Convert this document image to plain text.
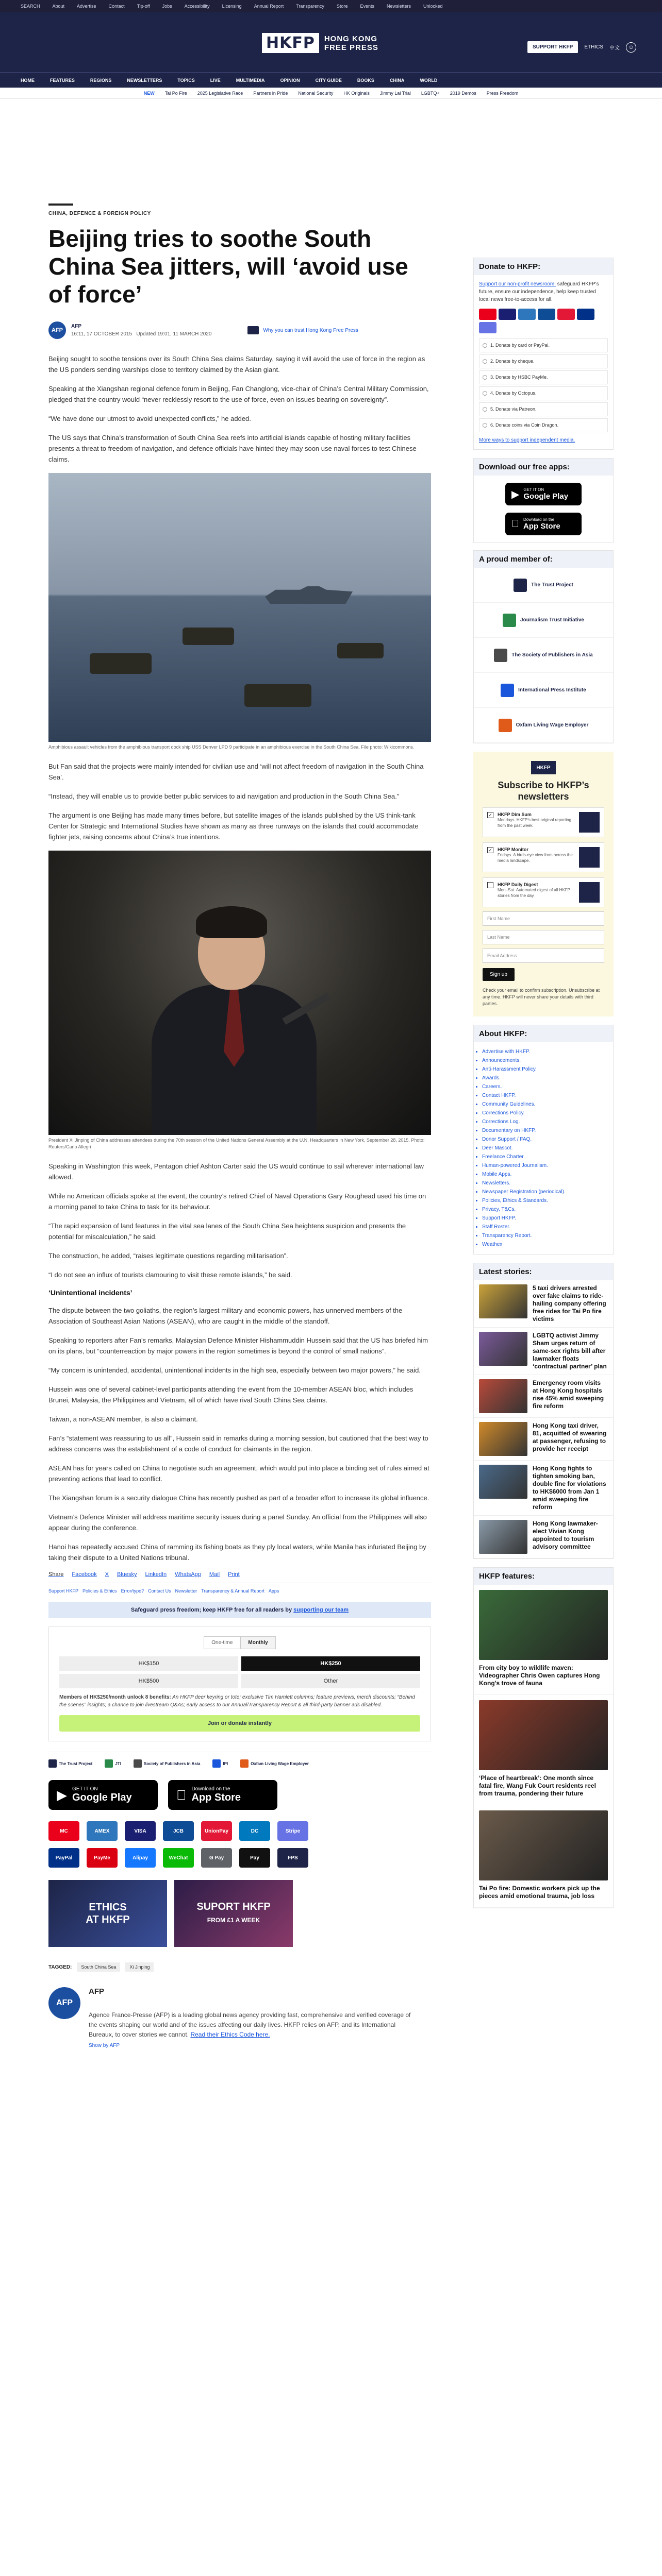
SEARCH	About	Advertise	Contact	Tip-off	Jobs	Accessibility	Licensing	Annual Report	Transparency	Store	Events	Newsletters	Unlocked
HKFP	HONG KONG
FREE PRESS	SUPPORT HKFP	ETHICS 中文	☺
HOME	FEATURES	REGIONS	NEWSLETTERS	TOPICS	LIVE	MULTIMEDIA	OPINION	CITY GUIDE	BOOKS	CHINA	WORLD
NEW Tai Po Fire 2025 Legislative Race Partners in Pride National Security HK Originals Jimmy Lai Trial LGBTQ+ 2019 Demos Press Freedom
CHINA, DEFENCE & FOREIGN POLICY
Beijing tries to soothe South China Sea jitters, will ‘avoid use of force’
AFP
AFP
16:11, 17 OCTOBER 2015 Updated 19:01, 11 MARCH 2020
Why you can trust Hong Kong Free Press

Beijing sought to soothe tensions over its South China Sea claims Saturday, saying it will avoid the use of force in the region as the US ponders sending warships close to territory claimed by the Asian giant.

Speaking at the Xiangshan regional defence forum in Beijing, Fan Changlong, vice-chair of China’s Central Military Commission, pledged that the country would “never recklessly resort to the use of force, even on issues bearing on sovereignty”.

“We have done our utmost to avoid unexpected conflicts,” he added.

The US says that China’s transformation of South China Sea reefs into artificial islands capable of hosting military facilities presents a threat to freedom of navigation, and defence officials have hinted they may soon use naval forces to test Chinese claims.

Amphibious assault vehicles from the amphibious transport dock ship USS Denver LPD 9 participate in an amphibious exercise in the South China Sea. File photo: Wikicommons.

But Fan said that the projects were mainly intended for civilian use and ‘will not affect freedom of navigation in the South China Sea’.

“Instead, they will enable us to provide better public services to aid navigation and production in the South China Sea.”

The argument is one Beijing has made many times before, but satellite images of the islands published by the US think-tank Center for Strategic and International Studies have shown as many as three runways on the islands that could accommodate fighter jets, raising concerns about China’s true intentions.

President Xi Jinping of China addresses attendees during the 70th session of the United Nations General Assembly at the U.N. Headquarters in New York, September 28, 2015. Photo: Reuters/Carlo Allegri

Speaking in Washington this week, Pentagon chief Ashton Carter said the US would continue to sail wherever international law allowed.

While no American officials spoke at the event, the country’s retired Chief of Naval Operations Gary Roughead used his time on a morning panel to take China to task for its behaviour.

“The rapid expansion of land features in the vital sea lanes of the South China Sea heightens suspicion and presents the potential for miscalculation,” he said.

The construction, he added, “raises legitimate questions regarding militarisation”.

“I do not see an influx of tourists clamouring to visit these remote islands,” he said.

‘Unintentional incidents’

The dispute between the two goliaths, the region’s largest military and economic powers, has unnerved members of the Association of Southeast Asian Nations (ASEAN), who are caught in the middle of the standoff.

Speaking to reporters after Fan’s remarks, Malaysian Defence Minister Hishammuddin Hussein said that the US has briefed him on its plans, but “counterreaction by major powers in the region sometimes is beyond the control of small nations”.

“My concern is unintended, accidental, unintentional incidents in the high sea, especially between two major powers,” he said.

Hussein was one of several cabinet-level participants attending the event from the 10-member ASEAN bloc, which includes Brunei, Malaysia, the Philippines and Vietnam, all of which have rival South China Sea claims.

Taiwan, a non-ASEAN member, is also a claimant.

Fan’s “statement was reassuring to us all”, Hussein said in remarks during a morning session, but cautioned that the best way to address concerns was the establishment of a code of conduct for claimants in the region.

ASEAN has for years called on China to negotiate such an agreement, which would put into place a binding set of rules aimed at preventing actions that lead to conflict.

The Xiangshan forum is a security dialogue China has recently pushed as part of a broader effort to increase its global influence.

Vietnam’s Defence Minister will address maritime security issues during a panel Sunday. An official from the Philippines will also appear during the conference.

Hanoi has repeatedly accused China of ramming its fishing boats as they ply local waters, while Manila has infuriated Beijing by taking their dispute to a United Nations tribunal.

Share Facebook X Bluesky LinkedIn WhatsApp Mail Print
Support HKFP Policies & Ethics Error/typo? Contact Us Newsletter Transparency & Annual Report Apps
Safeguard press freedom; keep HKFP free for all readers by supporting our team
One-time	Monthly
HK$150	HK$250
HK$500	Other
Members of HK$250/month unlock 8 benefits: An HKFP deer keyring or tote; exclusive Tim Hamlett columns; feature previews; merch discounts; “Behind the scenes” insights; a chance to join livestream Q&As; early access to our Annual/Transparency Report & all third-party banner ads disabled.
Join or donate instantly
The Trust Project	JTI	Society of Publishers in Asia	IPI	Oxfam Living Wage Employer
▶ GET IT ON
Google Play
Download on the
App Store
MC	AMEX	VISA	JCB	UnionPay	DC	Stripe
PayPal	PayMe	Alipay	WeChat	G Pay	Pay	FPS
ETHICS
AT HKFP
SUPORT HKFP
FROM £1 A WEEK
TAGGED:	South China Sea	Xi Jinping
AFP
AFP
Agence France-Presse (AFP) is a leading global news agency providing fast, comprehensive and verified coverage of the events shaping our world and of the issues affecting our daily lives. HKFP relies on AFP, and its International Bureaux, to cover stories we cannot. Read their Ethics Code here.
Show by AFP
Donate to HKFP:
Support our non-profit newsroom: safeguard HKFP's future, ensure our independence, help keep trusted local news free-to-access for all.
1. Donate by card or PayPal.
2. Donate by cheque.
3. Donate by HSBC PayMe.
4. Donate by Octopus.
5. Donate via Patreon.
6. Donate coins via Coin Dragon.
More ways to support independent media.
Download our free apps:
▶ GET IT ON
Google Play
Download on the
App Store
A proud member of:
The Trust Project
Journalism Trust Initiative
The Society of Publishers in Asia
International Press Institute
Oxfam Living Wage Employer
HKFP
Subscribe to HKFP’s newsletters
✓ HKFP Dim Sum
Mondays. HKFP’s best original reporting from the past week.
✓ HKFP Monitor
Fridays. A birds-eye view from across the media landscape.
HKFP Daily Digest
Mon–Sat. Automated digest of all HKFP stories from the day.
First Name
Last Name
Email Address
Sign up
Check your email to confirm subscription. Unsubscribe at any time. HKFP will never share your details with third parties.
About HKFP:
• Advertise with HKFP.
• Announcements.
• Anti-Harassment Policy.
• Awards.
• Careers.
• Contact HKFP.
• Community Guidelines.
• Corrections Policy.
• Corrections Log.
• Documentary on HKFP.
• Donor Support / FAQ.
• Deer Mascot.
• Freelance Charter.
• Human-powered Journalism.
• Mobile Apps.
• Newsletters.
• Newspaper Registration (periodical).
• Policies, Ethics & Standards.
• Privacy, T&Cs.
• Support HKFP.
• Staff Roster.
• Transparency Report.
• Weathex
Latest stories:
5 taxi drivers arrested over fake claims to ride-hailing company offering free rides for Tai Po fire victims
LGBTQ activist Jimmy Sham urges return of same-sex rights bill after lawmaker floats ‘contractual partner’ plan
Emergency room visits at Hong Kong hospitals rise 45% amid sweeping fire reform
Hong Kong taxi driver, 81, acquitted of swearing at passenger, refusing to provide her receipt
Hong Kong fights to tighten smoking ban, double fine for violations to HK$6000 from Jan 1 amid sweeping fire reform
Hong Kong lawmaker-elect Vivian Kong appointed to tourism advisory committee
HKFP features:
From city boy to wildlife maven: Videographer Chris Owen captures Hong Kong’s trove of fauna
‘Place of heartbreak’: One month since fatal fire, Wang Fuk Court residents reel from trauma, pondering their future
Tai Po fire: Domestic workers pick up the pieces amid emotional trauma, job loss
